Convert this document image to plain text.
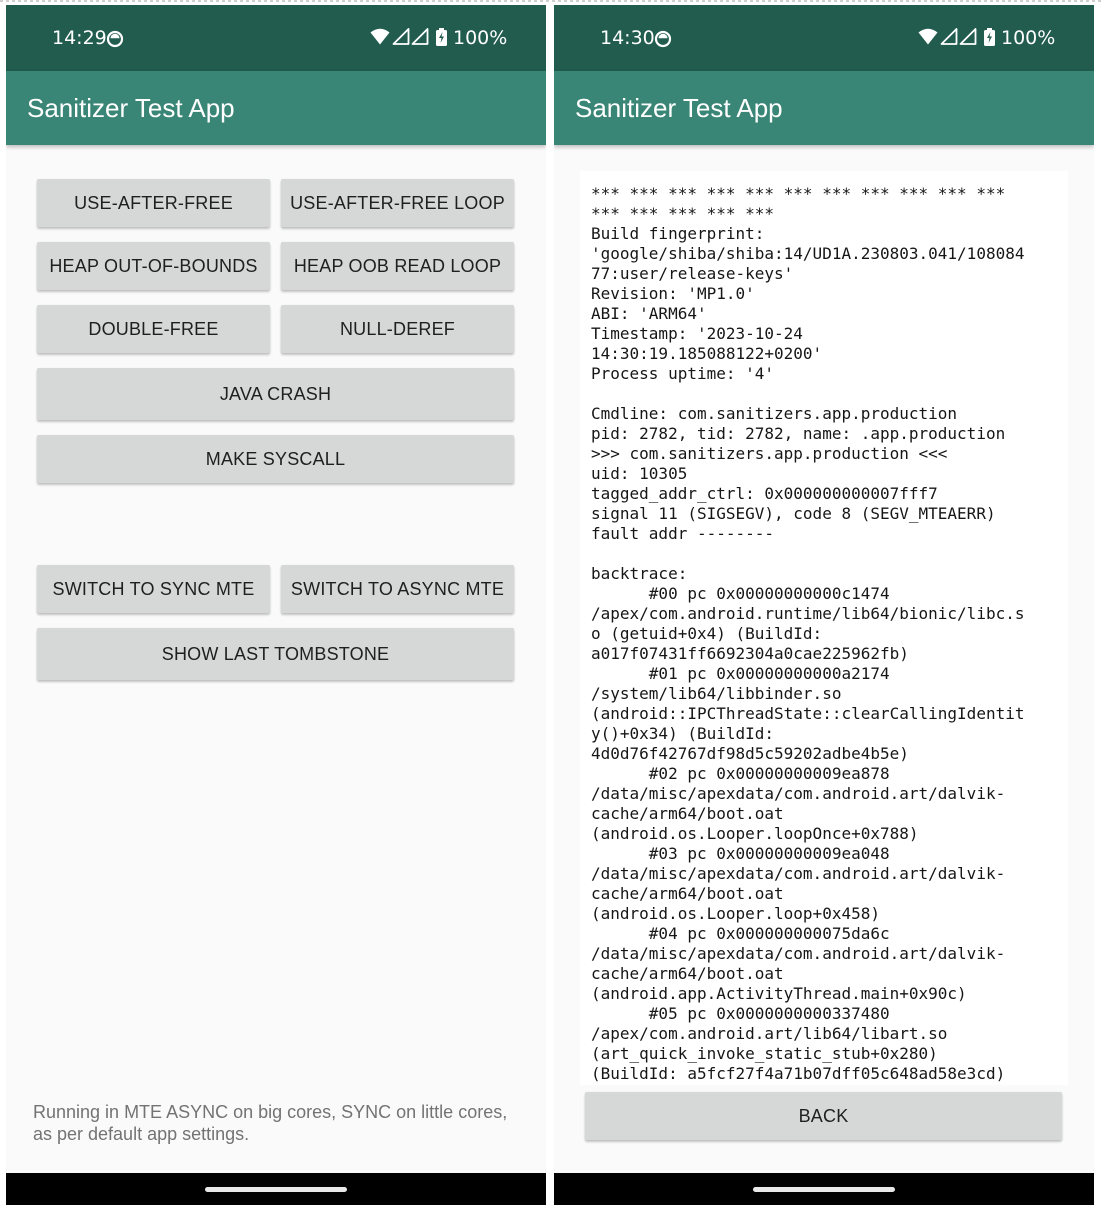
14:29	100%
Sanitizer Test App
USE-AFTER-FREE	USE-AFTER-FREE LOOP
HEAP OUT-OF-BOUNDS	HEAP OOB READ LOOP
DOUBLE-FREE	NULL-DEREF
JAVA CRASH
MAKE SYSCALL
SWITCH TO SYNC MTE	SWITCH TO ASYNC MTE
SHOW LAST TOMBSTONE
Running in MTE ASYNC on big cores, SYNC on little cores, as per default app settings.
14:30	100%
Sanitizer Test App
*** *** *** *** *** *** *** *** *** *** ***
*** *** *** *** ***
Build fingerprint:
'google/shiba/shiba:14/UD1A.230803.041/108084
77:user/release-keys'
Revision: 'MP1.0'
ABI: 'ARM64'
Timestamp: '2023-10-24
14:30:19.185088122+0200'
Process uptime: '4'
Cmdline: com.sanitizers.app.production
pid: 2782, tid: 2782, name: .app.production
>>> com.sanitizers.app.production <<<
uid: 10305
tagged_addr_ctrl: 0x000000000007fff7
signal 11 (SIGSEGV), code 8 (SEGV_MTEAERR)
fault addr --------
backtrace:
#00 pc 0x00000000000c1474
/apex/com.android.runtime/lib64/bionic/libc.s
o (getuid+0x4) (BuildId:
a017f07431ff6692304a0cae225962fb)
#01 pc 0x00000000000a2174
/system/lib64/libbinder.so
(android::IPCThreadState::clearCallingIdentit
y()+0x34) (BuildId:
4d0d76f42767df98d5c59202adbe4b5e)
#02 pc 0x00000000009ea878
/data/misc/apexdata/com.android.art/dalvik-
cache/arm64/boot.oat
(android.os.Looper.loopOnce+0x788)
#03 pc 0x00000000009ea048
/data/misc/apexdata/com.android.art/dalvik-
cache/arm64/boot.oat
(android.os.Looper.loop+0x458)
#04 pc 0x000000000075da6c
/data/misc/apexdata/com.android.art/dalvik-
cache/arm64/boot.oat
(android.app.ActivityThread.main+0x90c)
#05 pc 0x0000000000337480
/apex/com.android.art/lib64/libart.so
(art_quick_invoke_static_stub+0x280)
(BuildId: a5fcf27f4a71b07dff05c648ad58e3cd)
BACK
